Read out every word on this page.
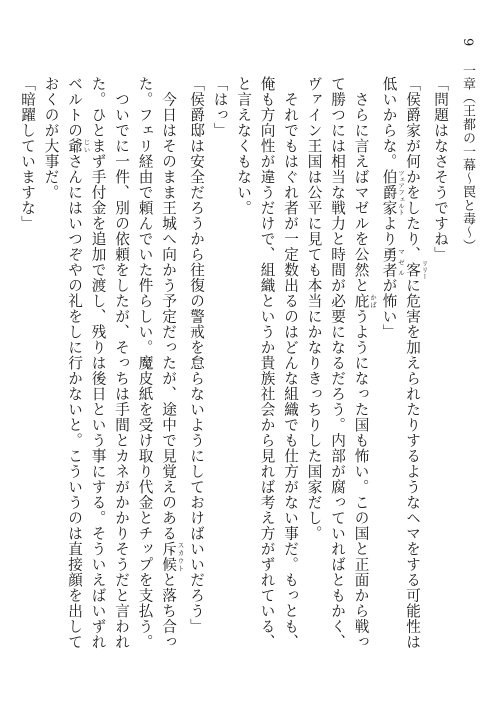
9 一章（王都の一幕〜罠と毒〜）

「問題はなさそうですね」

「侯爵家が何かをしたり、客 リリーに危害を加えられたりするようなヘマをする可能性は低いからな。伯爵家 ツェアフェルトより勇者 マゼルが怖い」

　さらに言えばマゼルを公然と庇 かばうようになった国も怖い。この国と正面から戦って勝つには相当な戦力と時間が必要になるだろう。内部が腐っていればともかく、ヴァイン王国は公平に見ても本当にかなりきっちりした国家だし。

　それでもはぐれ者が一定数出るのはどんな組織でも仕方がない事だ。もっとも、俺も方向性が違うだけで、組織というか貴族社会から見れば考え方がずれている、と言えなくもない。

「はっ」

「侯爵邸は安全だろうから往復の警戒を怠らないようにしておけばいいだろう」

　今日はそのまま王城へ向かう予定だったが、途中で見覚えのある斥候 スカウトと落ち合った。フェリ経由で頼んでいた件らしい。魔皮紙を受け取り代金とチップを支払う。

　ついでに一件、別の依頼をしたが、そっちは手間とカネがかかりそうだと言われた。ひとまず手付金を追加で渡し、残りは後日という事にする。そういえばいずれベルトの爺 じいさんにはいつぞやの礼をしに行かないと。こういうのは直接顔を出しておくのが大事だ。

「暗躍していますな」
